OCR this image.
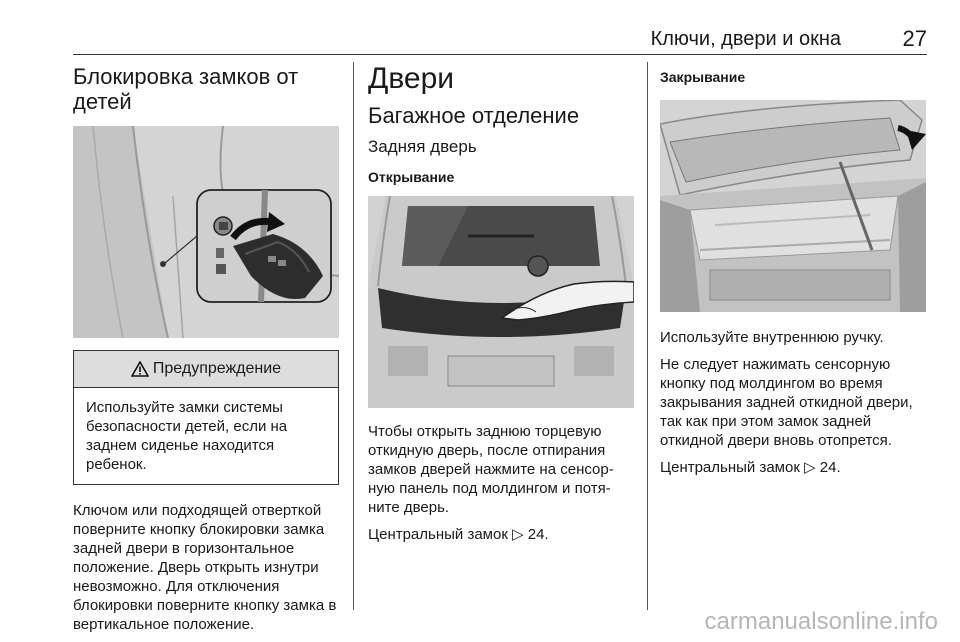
Ключи, двери и окна	27
Блокировка замков от детей
Предупреждение
Используйте замки системы безопасности детей, если на заднем сиденье находится ребенок.

Ключом или подходящей отверткой поверните кнопку блокировки замка задней двери в горизонтальное положение. Дверь открыть изнутри невозможно. Для отключения блокировки поверните кнопку замка в вертикальное положение.

Двери
Багажное отделение
Задняя дверь
Открывание

Чтобы открыть заднюю торцевую откидную дверь, после отпирания замков дверей нажмите на сенсорную панель под молдингом и потяните дверь.

Центральный замок ▷ 24.

Закрывание

Используйте внутреннюю ручку.

Не следует нажимать сенсорную кнопку под молдингом во время закрывания задней откидной двери, так как при этом замок задней откидной двери вновь отопрется.

Центральный замок ▷ 24.

carmanualsonline.info
